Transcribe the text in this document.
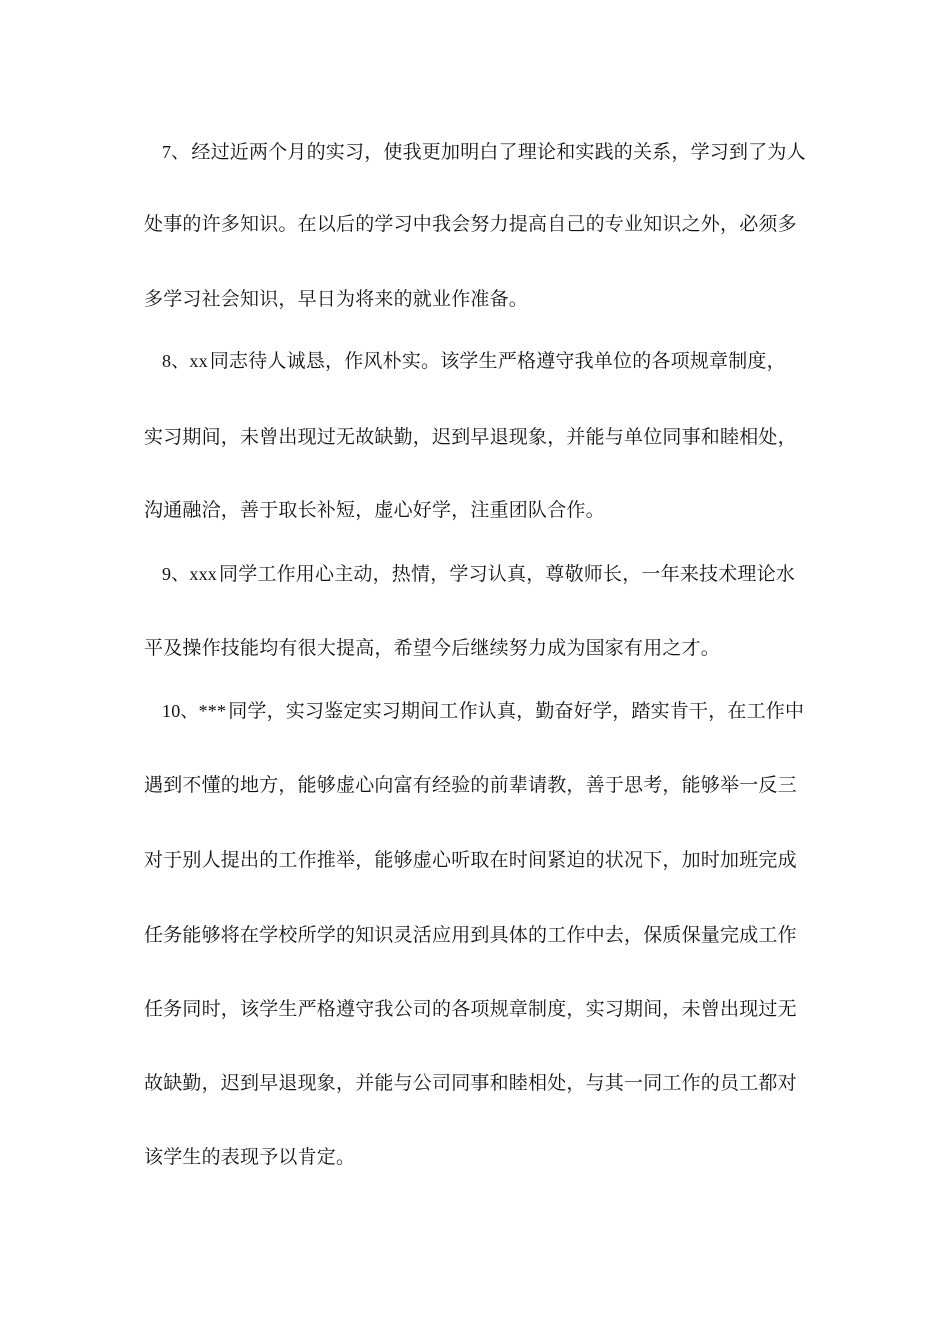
7、 经过近两个月的实习，使我更加明白了理论和实践的关系，学习到了为人
处事的许多知识。在以后的学习中我会努力提高自己的专业知识之外，必须多
多学习社会知识，早日为将来的就业作准备。
8、xx 同志待人诚恳，作风朴实。该学生严格遵守我单位的各项规章制度，
实习期间，未曾出现过无故缺勤，迟到早退现象，并能与单位同事和睦相处，
沟通融洽，善于取长补短，虚心好学，注重团队合作。
9、xxx 同学工作用心主动，热情，学习认真，尊敬师长，一年来技术理论水
平及操作技能均有很大提高，希望今后继续努力成为国家有用之才。
10、*** 同学，实习鉴定实习期间工作认真，勤奋好学，踏实肯干，在工作中
遇到不懂的地方，能够虚心向富有经验的前辈请教，善于思考，能够举一反三
对于别人提出的工作推举，能够虚心听取在时间紧迫的状况下，加时加班完成
任务能够将在学校所学的知识灵活应用到具体的工作中去，保质保量完成工作
任务同时，该学生严格遵守我公司的各项规章制度，实习期间，未曾出现过无
故缺勤，迟到早退现象，并能与公司同事和睦相处，与其一同工作的员工都对
该学生的表现予以肯定。
